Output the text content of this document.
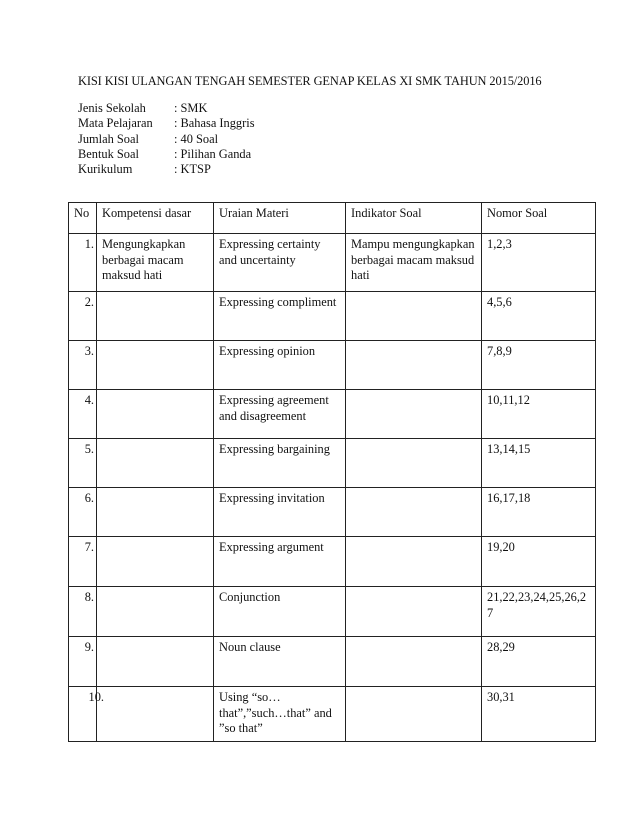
KISI KISI ULANGAN TENGAH SEMESTER GENAP KELAS XI SMK TAHUN 2015/2016
Jenis Sekolah	: SMK
Mata Pelajaran	: Bahasa Inggris
Jumlah Soal	: 40 Soal
Bentuk Soal	: Pilihan Ganda
Kurikulum	: KTSP
No	Kompetensi dasar	Uraian Materi	Indikator Soal	Nomor Soal

1.	Mengungkapkan berbagai macam maksud hati	Expressing certainty and uncertainty	Mampu mengungkapkan berbagai macam maksud hati	1,2,3

2.		Expressing compliment		4,5,6

3.		Expressing opinion		7,8,9

4.		Expressing agreement and disagreement		10,11,12

5.		Expressing bargaining		13,14,15

6.		Expressing invitation		16,17,18

7.		Expressing argument		19,20

8.		Conjunction		21,22,23,24,25,26,27

9.		Noun clause		28,29

10.		Using “so… that”,”such…that” and ”so that”		30,31
